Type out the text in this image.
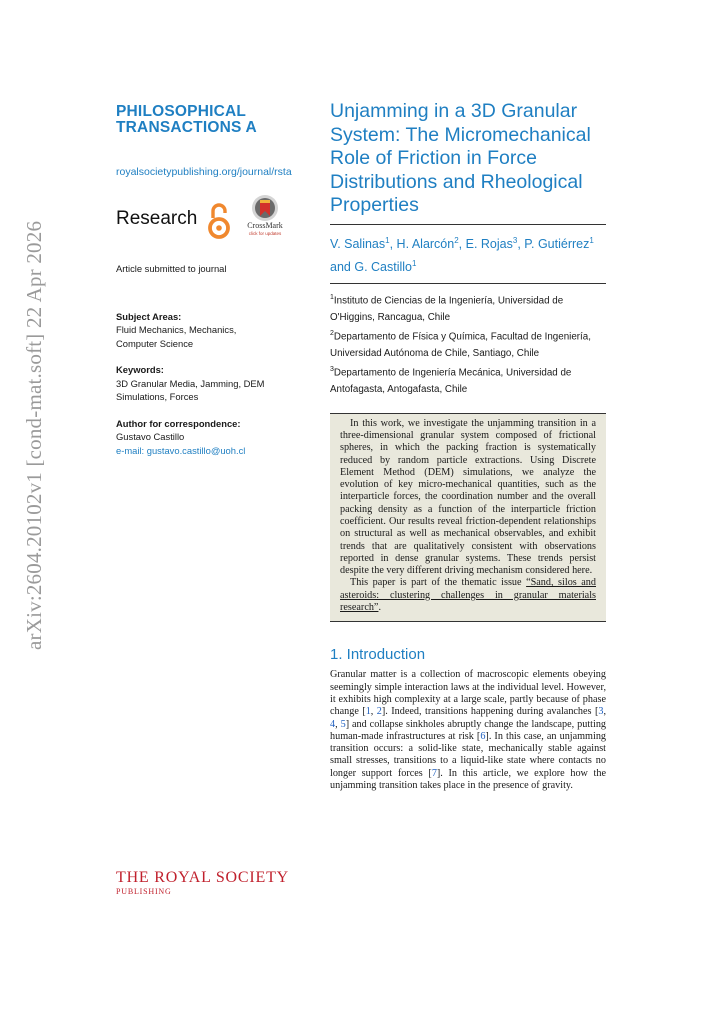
arXiv:2604.20102v1 [cond-mat.soft] 22 Apr 2026
PHILOSOPHICAL
TRANSACTIONS A
royalsocietypublishing.org/journal/rsta
Research	CrossMark
click for updates
Article submitted to journal
Subject Areas:
Fluid Mechanics, Mechanics,
Computer Science
Keywords:
3D Granular Media, Jamming, DEM
Simulations, Forces
Author for correspondence:
Gustavo Castillo
e-mail: gustavo.castillo@uoh.cl
THE ROYAL SOCIETY
PUBLISHING
Unjamming in a 3D Granular
System: The Micromechanical
Role of Friction in Force
Distributions and Rheological
Properties
V. Salinas$^1$, H. Alarcón$^2$, E. Rojas$^3$, P. Gutiérrez$^1$ and G. Castillo$^1$
$^1$Instituto de Ciencias de la Ingeniería, Universidad de O'Higgins, Rancagua, Chile
$^2$Departamento de Física y Química, Facultad de Ingeniería, Universidad Autónoma de Chile, Santiago, Chile
$^3$Departamento de Ingeniería Mecánica, Universidad de Antofagasta, Antogafasta, Chile

In this work, we investigate the unjamming transition in a three-dimensional granular system composed of frictional spheres, in which the packing fraction is systematically reduced by random particle extractions. Using Discrete Element Method (DEM) simulations, we analyze the evolution of key micro-mechanical quantities, such as the interparticle forces, the coordination number and the overall packing density as a function of the interparticle friction coefficient. Our results reveal friction-dependent relationships on structural as well as mechanical observables, and exhibit trends that are qualitatively consistent with observations reported in dense granular systems. These trends persist despite the very different driving mechanism considered here.

This paper is part of the thematic issue “Sand, silos and asteroids: clustering challenges in granular materials research”.

1. Introduction
Granular matter is a collection of macroscopic elements obeying seemingly simple interaction laws at the individual level. However, it exhibits high complexity at a large scale, partly because of phase change [1, 2]. Indeed, transitions happening during avalanches [3, 4, 5] and collapse sinkholes abruptly change the landscape, putting human-made infrastructures at risk [6]. In this case, an unjamming transition occurs: a solid-like state, mechanically stable against small stresses, transitions to a liquid-like state where contacts no longer support forces [7]. In this article, we explore how the unjamming transition takes place in the presence of gravity.
